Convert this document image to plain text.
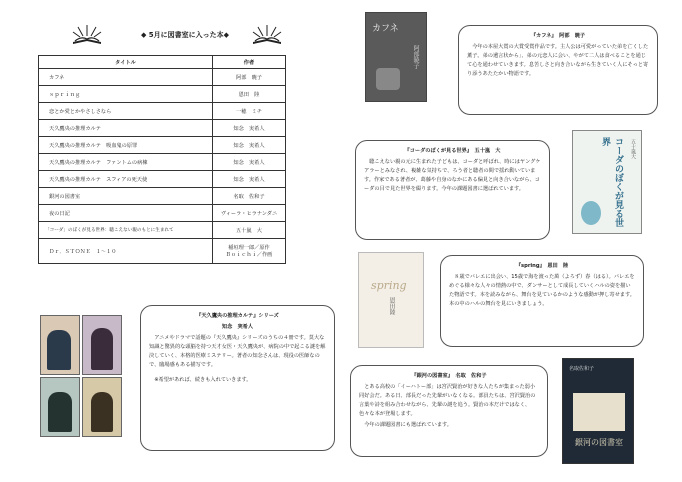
◆ 5月に図書室に入った本◆
タイトル	作者
カフネ	阿部　暁子
ｓｐｒｉｎｇ	恩田　陸
恋とか愛とかやさしさなら	一穂　ミチ
天久鷹央の推理カルテ	知念　実希人
天久鷹央の推理カルテ　吸血鬼の原罪	知念　実希人
天久鷹央の推理カルテ　ファントムの病棟	知念　実希人
天久鷹央の推理カルテ　スフィアの死天使	知念　実希人
銀河の図書室	名取　佐和子
夜の日記	ヴィーラ・ヒラナンダニ
「コーダ」のぼくが見る世界：聴こえない親のもとに生まれて	五十嵐　大
Ｄｒ．ＳＴＯＮＥ　１～１０	稲垣理一郎／原作
Ｂｏｉｃｈｉ／作画
『天久鷹央の推理カルテ』シリーズ
知念　実希人

アニメやドラマで話題の『天久鷹央』シリーズのうちの４冊です。莫大な知識と驚異的な頭脳を持つ天才女医・天久鷹央が、病院の中で起こる謎を解決していく、本格的医療ミステリー。著者の知念さんは、現役の医師なので、臨場感もある描写です。

※希望があれば、続きも入れていきます。

カフネ
阿部暁子
『カフネ』　阿部　暁子

今年の本屋大賞の大賞受賞作品です。主人公は可愛がっていた弟を亡くした薫子。弟の遺言状から」、弟の元恋人に会い、やがて二人は食べることを通じて心を通わせていきます。息苦しさと向き合いながら生きていく人にそっと寄り添うあたたかい物語です。

『コーダのぼくが見る世界』　五十嵐　大

聴こえない親の元に生まれた子どもは、コーダと呼ばれ、時にはヤングケアラーとみなされ、複雑な気持ちで、ろう者と聴者の間で揺れ動いています。作家である著者が、葛藤や自身のなかにある偏見と向き合いながら、コーダの目で見た世界を綴ります。今年の課題図書に選ばれています。	コーダのぼくが見る世界	五十嵐大
spring
恩田陸
『spring』　恩田　陸

８歳でバレエに出会い、15歳で海を渡った萬（よろず）春（はる）。バレエをめぐる様々な人々の情熱の中で、ダンサーとして成長していくハルの姿を描いた物語です。本を読みながら、舞台を見ているかのような感動が押し寄せます。本の中のハルの舞台を見にいきましょう。

『銀河の図書室』　名取　佐和子

とある高校の「イーハトー部」は宮沢賢治が好きな人たちが集まった弱小同好会だ。ある日、部長だった先輩がいなくなる。部員たちは、宮沢賢治の言葉や詩を組み合わせながら、先輩の謎を追う。賢治の本だけではなく、色々な本が登場します。

今年の課題図書にも選ばれています。

名取佐和子
銀河の図書室
